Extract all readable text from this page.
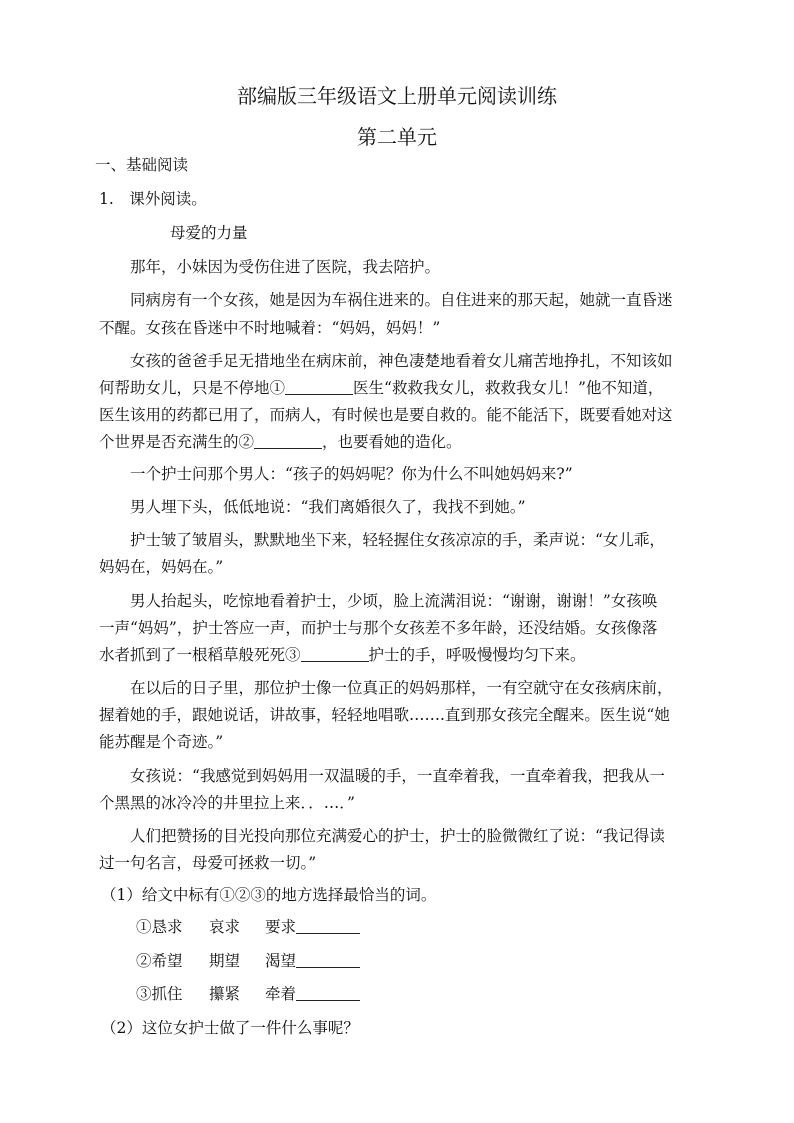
部编版三年级语文上册单元阅读训练
第二单元
一、基础阅读
1.　课外阅读。
母爱的力量
那年，小妹因为受伤住进了医院，我去陪护。
同病房有一个女孩，她是因为车祸住进来的。自住进来的那天起，她就一直昏迷
不醒。女孩在昏迷中不时地喊着：“妈妈，妈妈！”
女孩的爸爸手足无措地坐在病床前，神色凄楚地看着女儿痛苦地挣扎，不知该如
何帮助女儿，只是不停地①	医生“救救我女儿，救救我女儿！”他不知道，
医生该用的药都已用了，而病人，有时候也是要自救的。能不能活下，既要看她对这
个世界是否充满生的②	，也要看她的造化。
一个护士问那个男人：“孩子的妈妈呢？你为什么不叫她妈妈来?”
男人埋下头，低低地说：“我们离婚很久了，我找不到她。”
护士皱了皱眉头，默默地坐下来，轻轻握住女孩凉凉的手，柔声说：“女儿乖，
妈妈在，妈妈在。”
男人抬起头，吃惊地看着护士，少顷，脸上流满泪说：“谢谢，谢谢！”女孩唤
一声“妈妈”，护士答应一声，而护士与那个女孩差不多年龄，还没结婚。女孩像落
水者抓到了一根稻草般死死③	护士的手，呼吸慢慢均匀下来。
在以后的日子里，那位护士像一位真正的妈妈那样，一有空就守在女孩病床前，
握着她的手，跟她说话，讲故事，轻轻地唱歌…….直到那女孩完全醒来。医生说“她
能苏醒是个奇迹。”
女孩说：“我感觉到妈妈用一双温暖的手，一直牵着我，一直牵着我，把我从一
个黑黑的冰冷冷的井里拉上来．．…．”
人们把赞扬的目光投向那位充满爱心的护士，护士的脸微微红了说：“我记得读
过一句名言，母爱可拯救一切。”
（1）给文中标有①②③的地方选择最恰当的词。
①恳求 哀求 要求
②希望 期望 渴望
③抓住 攥紧 牵着
（2）这位女护士做了一件什么事呢？
